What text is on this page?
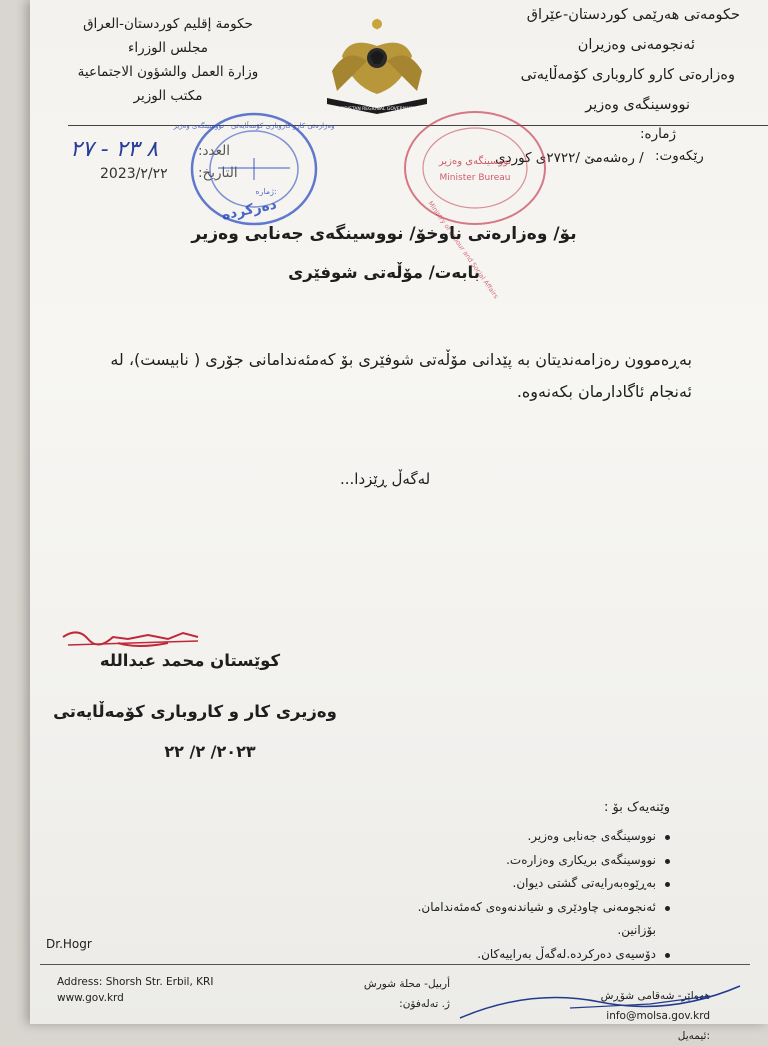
حكومة إقليم كوردستان-العراق
مجلس الوزراء
وزارة العمل والشؤون الاجتماعية
مكتب الوزير
KURDISTAN REGIONAL GOVERNMENT
حکومەتی هەرێمی کوردستان-عێراق
ئەنجومەنی وەزیران
وەزارەتی کارو کاروباری کۆمەڵایەتی
نووسینگەی وەزیر
ژمارە:
رێکەوت:
/ رەشەمێ /٢٧٢٢ی کوردی
العدد:
التاريخ:
٨ ٢٣ - ٢٧
2023/٢/٢٢
وەزارەتی کارو کاروباری کۆمەڵایەتی - نووسینگەی وەزیر
ژمارە:
دەرکردە
نووسینگەی وەزیر
Minister Bureau
Ministry of Labour and Social Affairs
بۆ/ وەزارەتی ناوخۆ/ نووسینگەی جەنابی وەزیر
بابەت/ مۆڵەتی شوفێری
بەڕەموون رەزامەندیتان بە پێدانی مۆڵەتی شوفێری بۆ کەمئەندامانی جۆری ( نابیست)، لە ئەنجام ئاگادارمان بکەنەوە.
لەگەڵ ڕێزدا...
کوێستان محمد عبدالله
وەزیری کار و کاروباری کۆمەڵایەتی
٢٠٢٣/ ٢/ ٢٢
وێنەیەک بۆ :
نووسینگەی جەنابی وەزیر.
نووسینگەی بریکاری وەزارەت.
بەڕێوەبەرایەتی گشتی دیوان.
ئەنجومەنی چاودێری و شیاندنەوەی کەمئەندامان. بۆزانین.
دۆسیەی دەرکردە.لەگەڵ بەراییەکان.
Dr.Hogr
Address: Shorsh Str. Erbil, KRI
www.gov.krd
أربيل- محلة شورش
ژ. تەلەفۆن:
هەولێر- شەقامی شۆڕش
info@molsa.gov.krd :ئیمەیل
